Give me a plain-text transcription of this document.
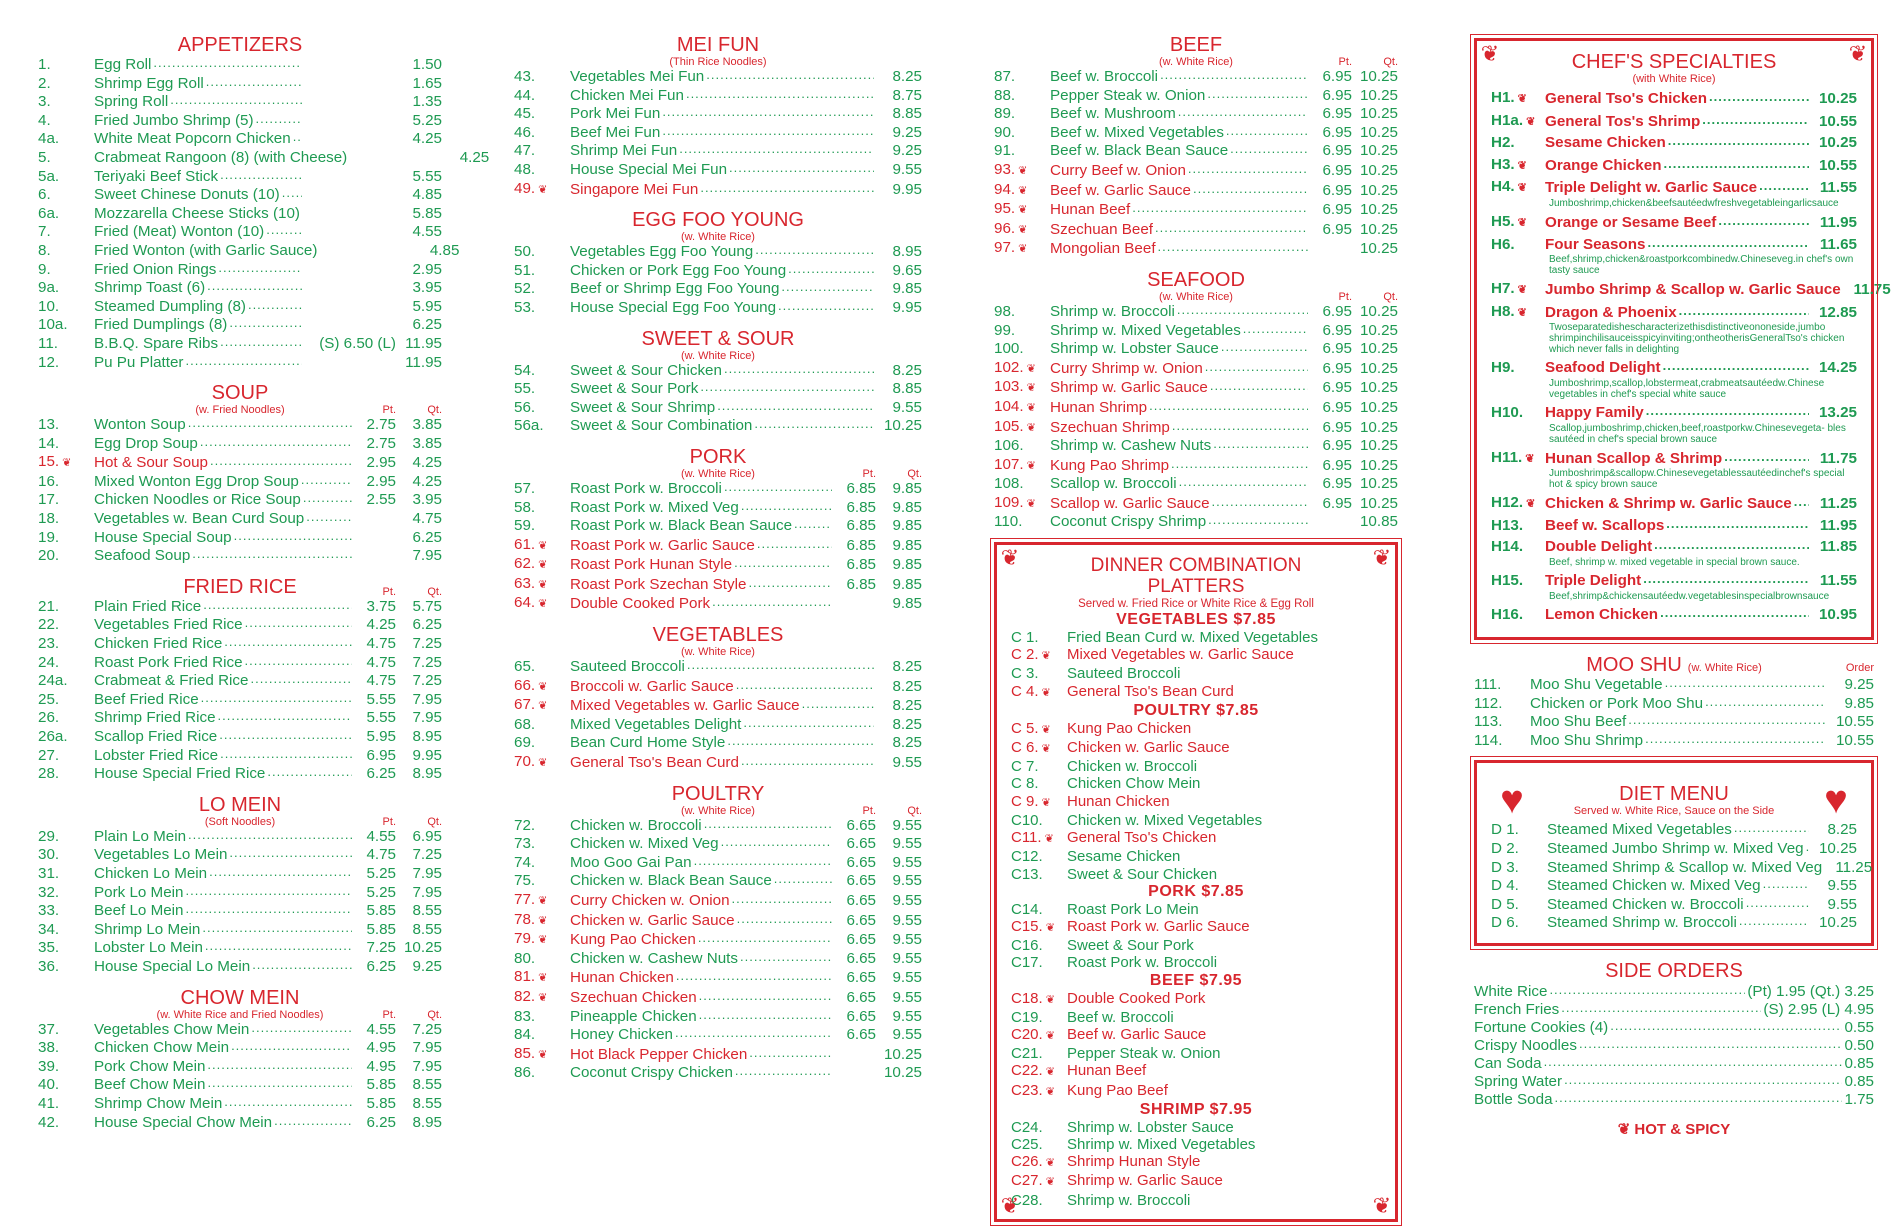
APPETIZERS
1.	Egg Roll .....	1.50
2.	Shrimp Egg Roll .....	1.65
3.	Spring Roll .....	1.35
4.	Fried Jumbo Shrimp (5) .....	5.25
4a.	White Meat Popcorn Chicken .....	4.25
5.	Crabmeat Rangoon (8) (with Cheese)	4.25
5a.	Teriyaki Beef Stick .....	5.55
6.	Sweet Chinese Donuts (10) .....	4.85
6a.	Mozzarella Cheese Sticks (10) .....	5.85
7.	Fried (Meat) Wonton (10) .....	4.55
8.	Fried Wonton (with Garlic Sauce)	4.85
9.	Fried Onion Rings .....	2.95
9a.	Shrimp Toast (6) .....	3.95
10.	Steamed Dumpling (8) .....	5.95
10a.	Fried Dumplings (8) .....	6.25
11.	B.B.Q. Spare Ribs .....	(S) 6.50 (L) 11.95
12.	Pu Pu Platter .....	11.95
SOUP
(w. Fried Noodles)	Pt.	Qt.
13.	Wonton Soup .....	2.75	3.85
14.	Egg Drop Soup .....	2.75	3.85
15. ❦	Hot & Sour Soup .....	2.95	4.25
16.	Mixed Wonton Egg Drop Soup .....	2.95	4.25
17.	Chicken Noodles or Rice Soup .....	2.55	3.95
18.	Vegetables w. Bean Curd Soup .....	4.75
19.	House Special Soup .....	6.25
20.	Seafood Soup .....	7.95
FRIED RICE	Pt.	Qt.
21.	Plain Fried Rice .....	3.75	5.75
22.	Vegetables Fried Rice .....	4.25	6.25
23.	Chicken Fried Rice .....	4.75	7.25
24.	Roast Pork Fried Rice .....	4.75	7.25
24a.	Crabmeat & Fried Rice .....	4.75	7.25
25.	Beef Fried Rice .....	5.55	7.95
26.	Shrimp Fried Rice .....	5.55	7.95
26a.	Scallop Fried Rice .....	5.95	8.95
27.	Lobster Fried Rice .....	6.95	9.95
28.	House Special Fried Rice .....	6.25	8.95
LO MEIN
(Soft Noodles)	Pt.	Qt.
29.	Plain Lo Mein .....	4.55	6.95
30.	Vegetables Lo Mein .....	4.75	7.25
31.	Chicken Lo Mein .....	5.25	7.95
32.	Pork Lo Mein .....	5.25	7.95
33.	Beef Lo Mein .....	5.85	8.55
34.	Shrimp Lo Mein .....	5.85	8.55
35.	Lobster Lo Mein .....	7.25 10.25
36.	House Special Lo Mein .....	6.25	9.25
CHOW MEIN
(w. White Rice and Fried Noodles)	Pt.	Qt.
37.	Vegetables Chow Mein .....	4.55	7.25
38.	Chicken Chow Mein .....	4.95	7.95
39.	Pork Chow Mein .....	4.95	7.95
40.	Beef Chow Mein .....	5.85	8.55
41.	Shrimp Chow Mein .....	5.85	8.55
42.	House Special Chow Mein .....	6.25	8.95
MEI FUN
(Thin Rice Noodles)
43.	Vegetables Mei Fun .....	8.25
44.	Chicken Mei Fun .....	8.75
45.	Pork Mei Fun .....	8.85
46.	Beef Mei Fun .....	9.25
47.	Shrimp Mei Fun .....	9.25
48.	House Special Mei Fun .....	9.55
49. ❦	Singapore Mei Fun .....	9.95
EGG FOO YOUNG
(w. White Rice)
50.	Vegetables Egg Foo Young .....	8.95
51.	Chicken or Pork Egg Foo Young .....	9.65
52.	Beef or Shrimp Egg Foo Young .....	9.85
53.	House Special Egg Foo Young .....	9.95
SWEET & SOUR
(w. White Rice)
54.	Sweet & Sour Chicken .....	8.25
55.	Sweet & Sour Pork .....	8.85
56.	Sweet & Sour Shrimp .....	9.55
56a.	Sweet & Sour Combination .....	10.25
PORK
(w. White Rice)	Pt.	Qt.
57.	Roast Pork w. Broccoli .....	6.85	9.85
58.	Roast Pork w. Mixed Veg .....	6.85	9.85
59.	Roast Pork w. Black Bean Sauce .....	6.85	9.85
61. ❦	Roast Pork w. Garlic Sauce .....	6.85	9.85
62. ❦	Roast Pork Hunan Style .....	6.85	9.85
63. ❦	Roast Pork Szechan Style .....	6.85	9.85
64. ❦	Double Cooked Pork .....	9.85
VEGETABLES
(w. White Rice)
65.	Sauteed Broccoli .....	8.25
66. ❦	Broccoli w. Garlic Sauce .....	8.25
67. ❦	Mixed Vegetables w. Garlic Sauce .....	8.25
68.	Mixed Vegetables Delight .....	8.25
69.	Bean Curd Home Style .....	8.25
70. ❦	General Tso's Bean Curd .....	9.55
POULTRY
(w. White Rice)	Pt.	Qt.
72.	Chicken w. Broccoli .....	6.65	9.55
73.	Chicken w. Mixed Veg .....	6.65	9.55
74.	Moo Goo Gai Pan .....	6.65	9.55
75.	Chicken w. Black Bean Sauce .....	6.65	9.55
77. ❦	Curry Chicken w. Onion .....	6.65	9.55
78. ❦	Chicken w. Garlic Sauce .....	6.65	9.55
79. ❦	Kung Pao Chicken .....	6.65	9.55
80.	Chicken w. Cashew Nuts .....	6.65	9.55
81. ❦	Hunan Chicken .....	6.65	9.55
82. ❦	Szechuan Chicken .....	6.65	9.55
83.	Pineapple Chicken .....	6.65	9.55
84.	Honey Chicken .....	6.65	9.55
85. ❦	Hot Black Pepper Chicken .....	10.25
86.	Coconut Crispy Chicken .....	10.25
BEEF
(w. White Rice)	Pt.	Qt.
87.	Beef w. Broccoli .....	6.95 10.25
88.	Pepper Steak w. Onion .....	6.95 10.25
89.	Beef w. Mushroom .....	6.95 10.25
90.	Beef w. Mixed Vegetables .....	6.95 10.25
91.	Beef w. Black Bean Sauce .....	6.95 10.25
93. ❦	Curry Beef w. Onion .....	6.95 10.25
94. ❦	Beef w. Garlic Sauce .....	6.95 10.25
95. ❦	Hunan Beef .....	6.95 10.25
96. ❦	Szechuan Beef .....	6.95 10.25
97. ❦	Mongolian Beef .....	10.25
SEAFOOD
(w. White Rice)	Pt.	Qt.
98.	Shrimp w. Broccoli .....	6.95 10.25
99.	Shrimp w. Mixed Vegetables .....	6.95 10.25
100.	Shrimp w. Lobster Sauce .....	6.95 10.25
102. ❦	Curry Shrimp w. Onion .....	6.95 10.25
103. ❦	Shrimp w. Garlic Sauce .....	6.95 10.25
104. ❦	Hunan Shrimp .....	6.95 10.25
105. ❦	Szechuan Shrimp .....	6.95 10.25
106.	Shrimp w. Cashew Nuts .....	6.95 10.25
107. ❦	Kung Pao Shrimp .....	6.95 10.25
108.	Scallop w. Broccoli .....	6.95 10.25
109. ❦	Scallop w. Garlic Sauce .....	6.95 10.25
110.	Coconut Crispy Shrimp .....	10.85
❦	❦
❦	❦
DINNER COMBINATION
PLATTERS
Served w. Fried Rice or White Rice & Egg Roll
VEGETABLES $7.85
C 1.	Fried Bean Curd w. Mixed Vegetables
C 2. ❦	Mixed Vegetables w. Garlic Sauce
C 3.	Sauteed Broccoli
C 4. ❦	General Tso's Bean Curd
POULTRY $7.85
C 5. ❦	Kung Pao Chicken
C 6. ❦	Chicken w. Garlic Sauce
C 7.	Chicken w. Broccoli
C 8.	Chicken Chow Mein
C 9. ❦	Hunan Chicken
C10.	Chicken w. Mixed Vegetables
C11. ❦	General Tso's Chicken
C12.	Sesame Chicken
C13.	Sweet & Sour Chicken
PORK $7.85
C14.	Roast Pork Lo Mein
C15. ❦	Roast Pork w. Garlic Sauce
C16.	Sweet & Sour Pork
C17.	Roast Pork w. Broccoli
BEEF $7.95
C18. ❦	Double Cooked Pork
C19.	Beef w. Broccoli
C20. ❦	Beef w. Garlic Sauce
C21.	Pepper Steak w. Onion
C22. ❦	Hunan Beef
C23. ❦	Kung Pao Beef
SHRIMP $7.95
C24.	Shrimp w. Lobster Sauce
C25.	Shrimp w. Mixed Vegetables
C26. ❦	Shrimp Hunan Style
C27. ❦	Shrimp w. Garlic Sauce
C28.	Shrimp w. Broccoli
❦	❦
CHEF'S SPECIALTIES
(with White Rice)
H1. ❦	General Tso's Chicken .....	10.25
H1a. ❦	General Tos's Shrimp .....	10.55
H2.	Sesame Chicken .....	10.25
H3. ❦	Orange Chicken .....	10.55
H4. ❦	Triple Delight w. Garlic Sauce .....	11.55
Jumboshrimp,chicken&beefsautéedwfreshvegetableingarlicsauce
H5. ❦	Orange or Sesame Beef .....	11.95
H6.	Four Seasons .....	11.65
Beef,shrimp,chicken&roastporkcombinedw.Chineseveg.in chef's own tasty sauce
H7. ❦	Jumbo Shrimp & Scallop w. Garlic Sauce 11.75
H8. ❦	Dragon & Phoenix .....	12.85
Twoseparatedishescharacterizethisdistinctiveononeside,jumbo shrimpinchilisauceisspicyinviting;ontheotherisGeneralTso's chicken which never falls in delighting
H9.	Seafood Delight .....	14.25
Jumboshrimp,scallop,lobstermeat,crabmeatsautéedw.Chinese vegetables in chef's special white sauce
H10.	Happy Family .....	13.25
Scallop,jumboshrimp,chicken,beef,roastporkw.Chinesevegeta- bles sautéed in chef's special brown sauce
H11. ❦	Hunan Scallop & Shrimp .....	11.75
Jumboshrimp&scallopw.Chinesevegetablessautéedinchef's special hot & spicy brown sauce
H12. ❦	Chicken & Shrimp w. Garlic Sauce .....	11.25
H13.	Beef w. Scallops .....	11.95
H14.	Double Delight .....	11.85
Beef, shrimp w. mixed vegetable in special brown sauce.
H15.	Triple Delight .....	11.55
Beef,shrimp&chickensautéedw.vegetablesinspecialbrownsauce
H16.	Lemon Chicken .....	10.95
MOO SHU (w. White Rice)	Order
111.	Moo Shu Vegetable .....	9.25
112.	Chicken or Pork Moo Shu .....	9.85
113.	Moo Shu Beef .....	10.55
114.	Moo Shu Shrimp .....	10.55
♥	♥
DIET MENU
Served w. White Rice, Sauce on the Side
D 1.	Steamed Mixed Vegetables .....	8.25
D 2.	Steamed Jumbo Shrimp w. Mixed Veg .....	10.25
D 3.	Steamed Shrimp & Scallop w. Mixed Veg 11.25
D 4.	Steamed Chicken w. Mixed Veg .....	9.55
D 5.	Steamed Chicken w. Broccoli .....	9.55
D 6.	Steamed Shrimp w. Broccoli .....	10.25
SIDE ORDERS
White Rice .....	(Pt) 1.95 (Qt.) 3.25
French Fries .....	(S) 2.95 (L) 4.95
Fortune Cookies (4) .....	0.55
Crispy Noodles .....	0.50
Can Soda .....	0.85
Spring Water .....	0.85
Bottle Soda .....	1.75
❦ HOT & SPICY
